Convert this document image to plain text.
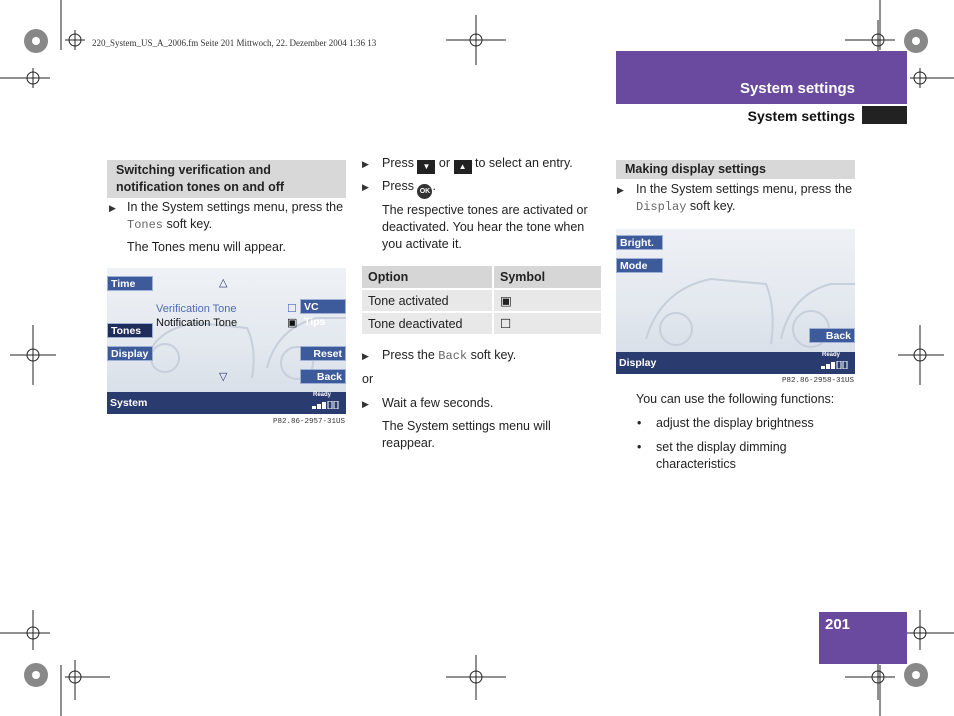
220_System_US_A_2006.fm Seite 201 Mittwoch, 22. Dezember 2004 1:36 13
System settings
System settings
Switching verification and
notification tones on and off
▶ In the System settings menu, press the
Tones soft key.
The Tones menu will appear.
Time
Tones
Display
VC Tips
Reset
Back
△
▽
Verification Tone	☐
Notification Tone	▣
System
Ready
P82.86-2957-31US
▶ Press ▼ or ▲ to select an entry.
▶ Press OK .
The respective tones are activated or
deactivated. You hear the tone when
you activate it.
Option	Symbol
Tone activated	▣
Tone deactivated	☐
▶ Press the Back soft key.
or
▶ Wait a few seconds.
The System settings menu will
reappear.
Making display settings
▶ In the System settings menu, press the
Display soft key.
Bright.
Mode
Back
Display
Ready
P82.86-2958-31US
You can use the following functions:
• adjust the display brightness
• set the display dimming
characteristics
201
